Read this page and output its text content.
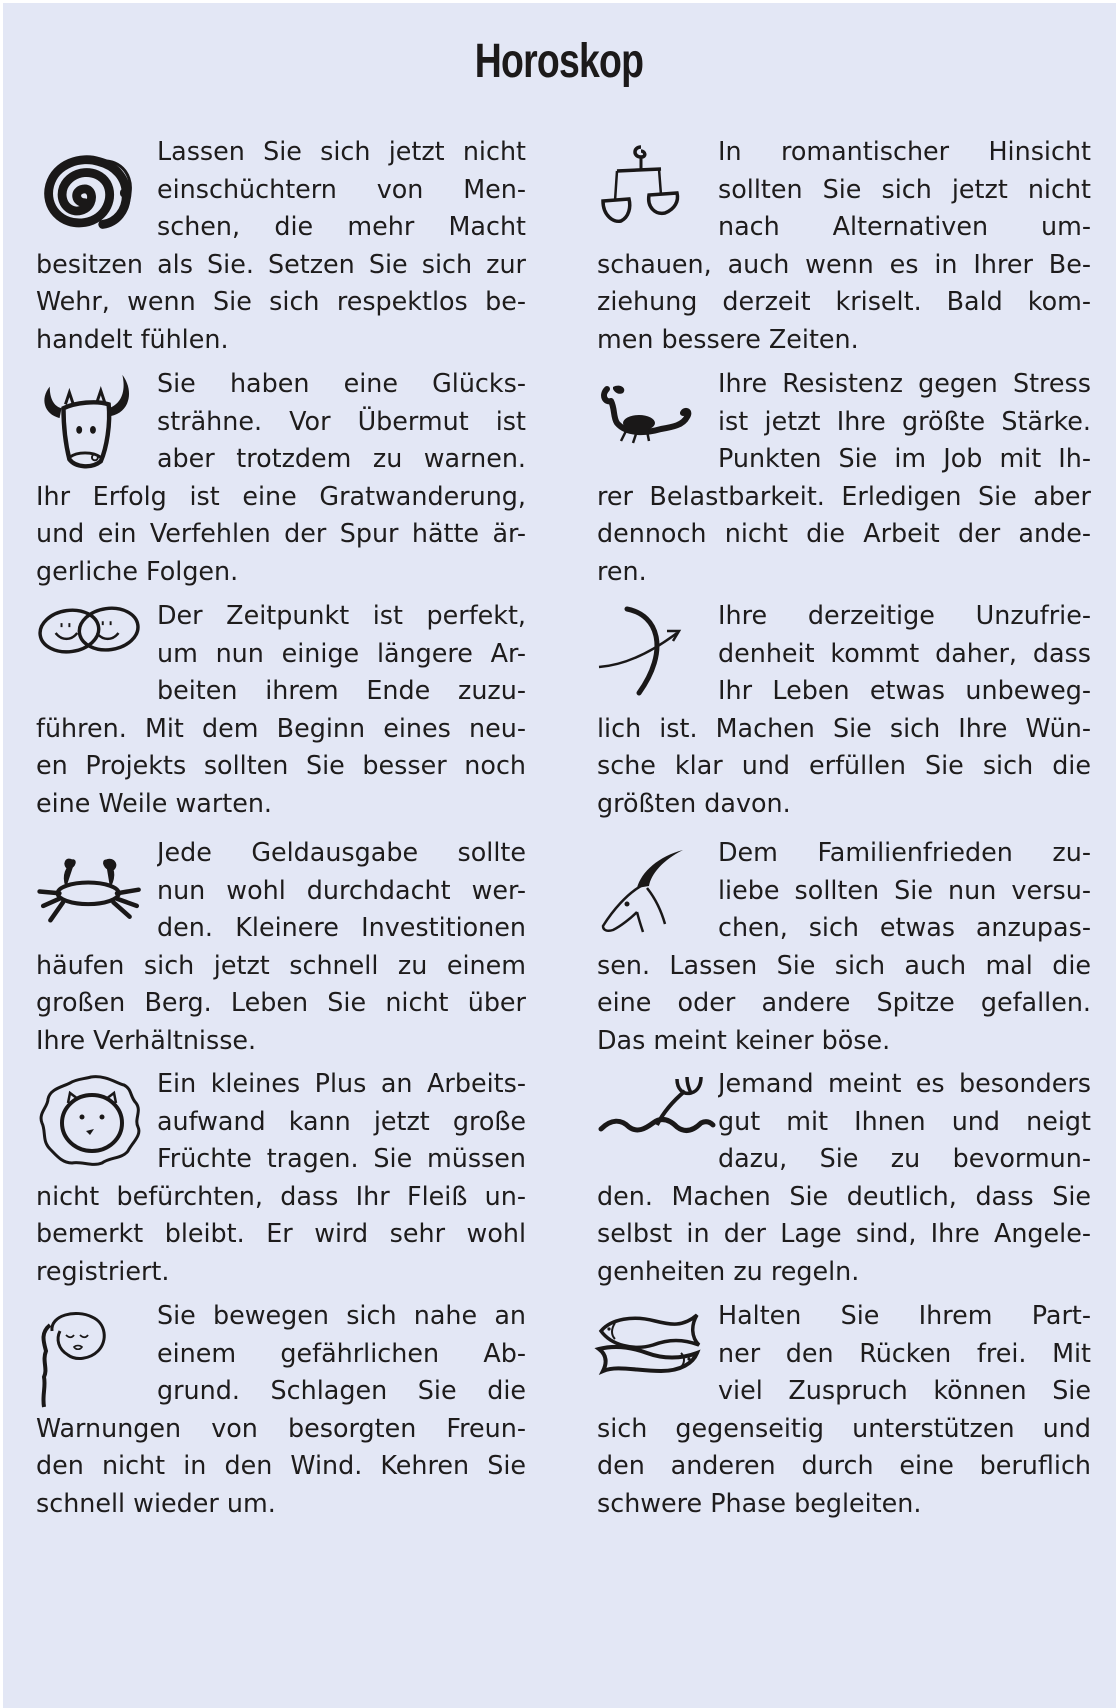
Horoskop
Lassen Sie sich jetzt nicht
einschüchtern von Men-
schen, die mehr Macht
besitzen als Sie. Setzen Sie sich zur
Wehr, wenn Sie sich respektlos be-
handelt fühlen.
Sie haben eine Glücks-
strähne. Vor Übermut ist
aber trotzdem zu warnen.
Ihr Erfolg ist eine Gratwanderung,
und ein Verfehlen der Spur hätte är-
gerliche Folgen.
Der Zeitpunkt ist perfekt,
um nun einige längere Ar-
beiten ihrem Ende zuzu-
führen. Mit dem Beginn eines neu-
en Projekts sollten Sie besser noch
eine Weile warten.
Jede Geldausgabe sollte
nun wohl durchdacht wer-
den. Kleinere Investitionen
häufen sich jetzt schnell zu einem
großen Berg. Leben Sie nicht über
Ihre Verhältnisse.
Ein kleines Plus an Arbeits-
aufwand kann jetzt große
Früchte tragen. Sie müssen
nicht befürchten, dass Ihr Fleiß un-
bemerkt bleibt. Er wird sehr wohl
registriert.
Sie bewegen sich nahe an
einem gefährlichen Ab-
grund. Schlagen Sie die
Warnungen von besorgten Freun-
den nicht in den Wind. Kehren Sie
schnell wieder um.
In romantischer Hinsicht
sollten Sie sich jetzt nicht
nach Alternativen um-
schauen, auch wenn es in Ihrer Be-
ziehung derzeit kriselt. Bald kom-
men bessere Zeiten.
Ihre Resistenz gegen Stress
ist jetzt Ihre größte Stärke.
Punkten Sie im Job mit Ih-
rer Belastbarkeit. Erledigen Sie aber
dennoch nicht die Arbeit der ande-
ren.
Ihre derzeitige Unzufrie-
denheit kommt daher, dass
Ihr Leben etwas unbeweg-
lich ist. Machen Sie sich Ihre Wün-
sche klar und erfüllen Sie sich die
größten davon.
Dem Familienfrieden zu-
liebe sollten Sie nun versu-
chen, sich etwas anzupas-
sen. Lassen Sie sich auch mal die
eine oder andere Spitze gefallen.
Das meint keiner böse.
Jemand meint es besonders
gut mit Ihnen und neigt
dazu, Sie zu bevormun-
den. Machen Sie deutlich, dass Sie
selbst in der Lage sind, Ihre Angele-
genheiten zu regeln.
Halten Sie Ihrem Part-
ner den Rücken frei. Mit
viel Zuspruch können Sie
sich gegenseitig unterstützen und
den anderen durch eine beruflich
schwere Phase begleiten.
